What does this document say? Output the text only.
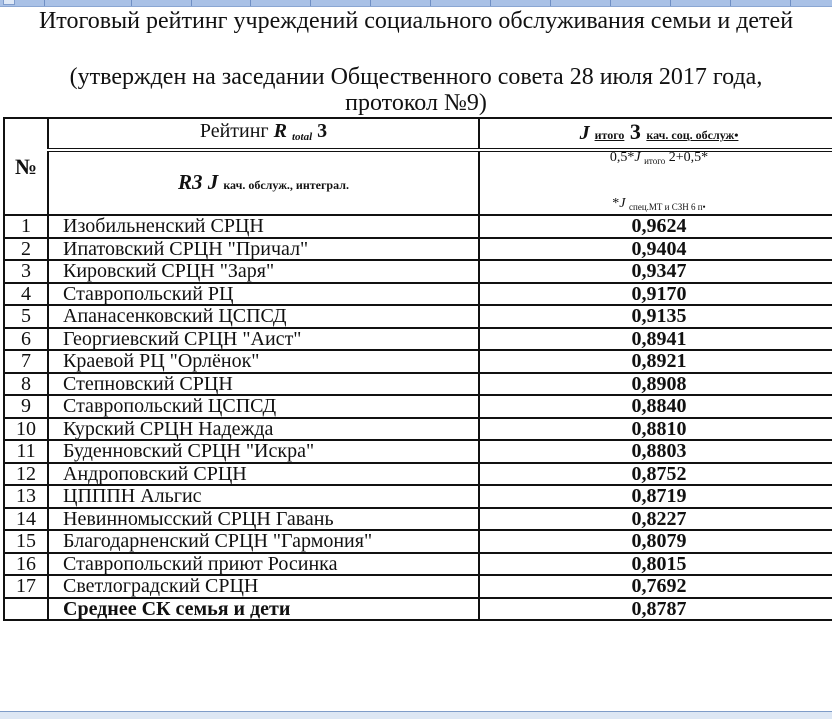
Итоговый рейтинг учреждений социального обслуживания семьи и детей
(утвержден на заседании Общественного совета 28 июля 2017 года,
протокол №9)
№	Рейтинг R $_{total}$ 3	J итого 3 кач. соц. обслуж•
	R3 J кач. обслуж., интеграл.	0,5*J $_{итого}$ 2+0,5*
*J $_{спец.МТ и СЗН 6 п•}$

1	Изобильненский СРЦН	0,9624
2	Ипатовский СРЦН "Причал"	0,9404
3	Кировский СРЦН "Заря"	0,9347
4	Ставропольский РЦ	0,9170
5	Апанасенковский ЦСПСД	0,9135
6	Георгиевский СРЦН "Аист"	0,8941
7	Краевой РЦ "Орлёнок"	0,8921
8	Степновский СРЦН	0,8908
9	Ставропольский ЦСПСД	0,8840
10	Курский СРЦН Надежда	0,8810
11	Буденновский СРЦН "Искра"	0,8803
12	Андроповский СРЦН	0,8752
13	ЦПППН Альгис	0,8719
14	Невинномысский СРЦН Гавань	0,8227
15	Благодарненский СРЦН "Гармония"	0,8079
16	Ставропольский приют Росинка	0,8015
17	Светлоградский СРЦН	0,7692
	Среднее СК семья и дети	0,8787
